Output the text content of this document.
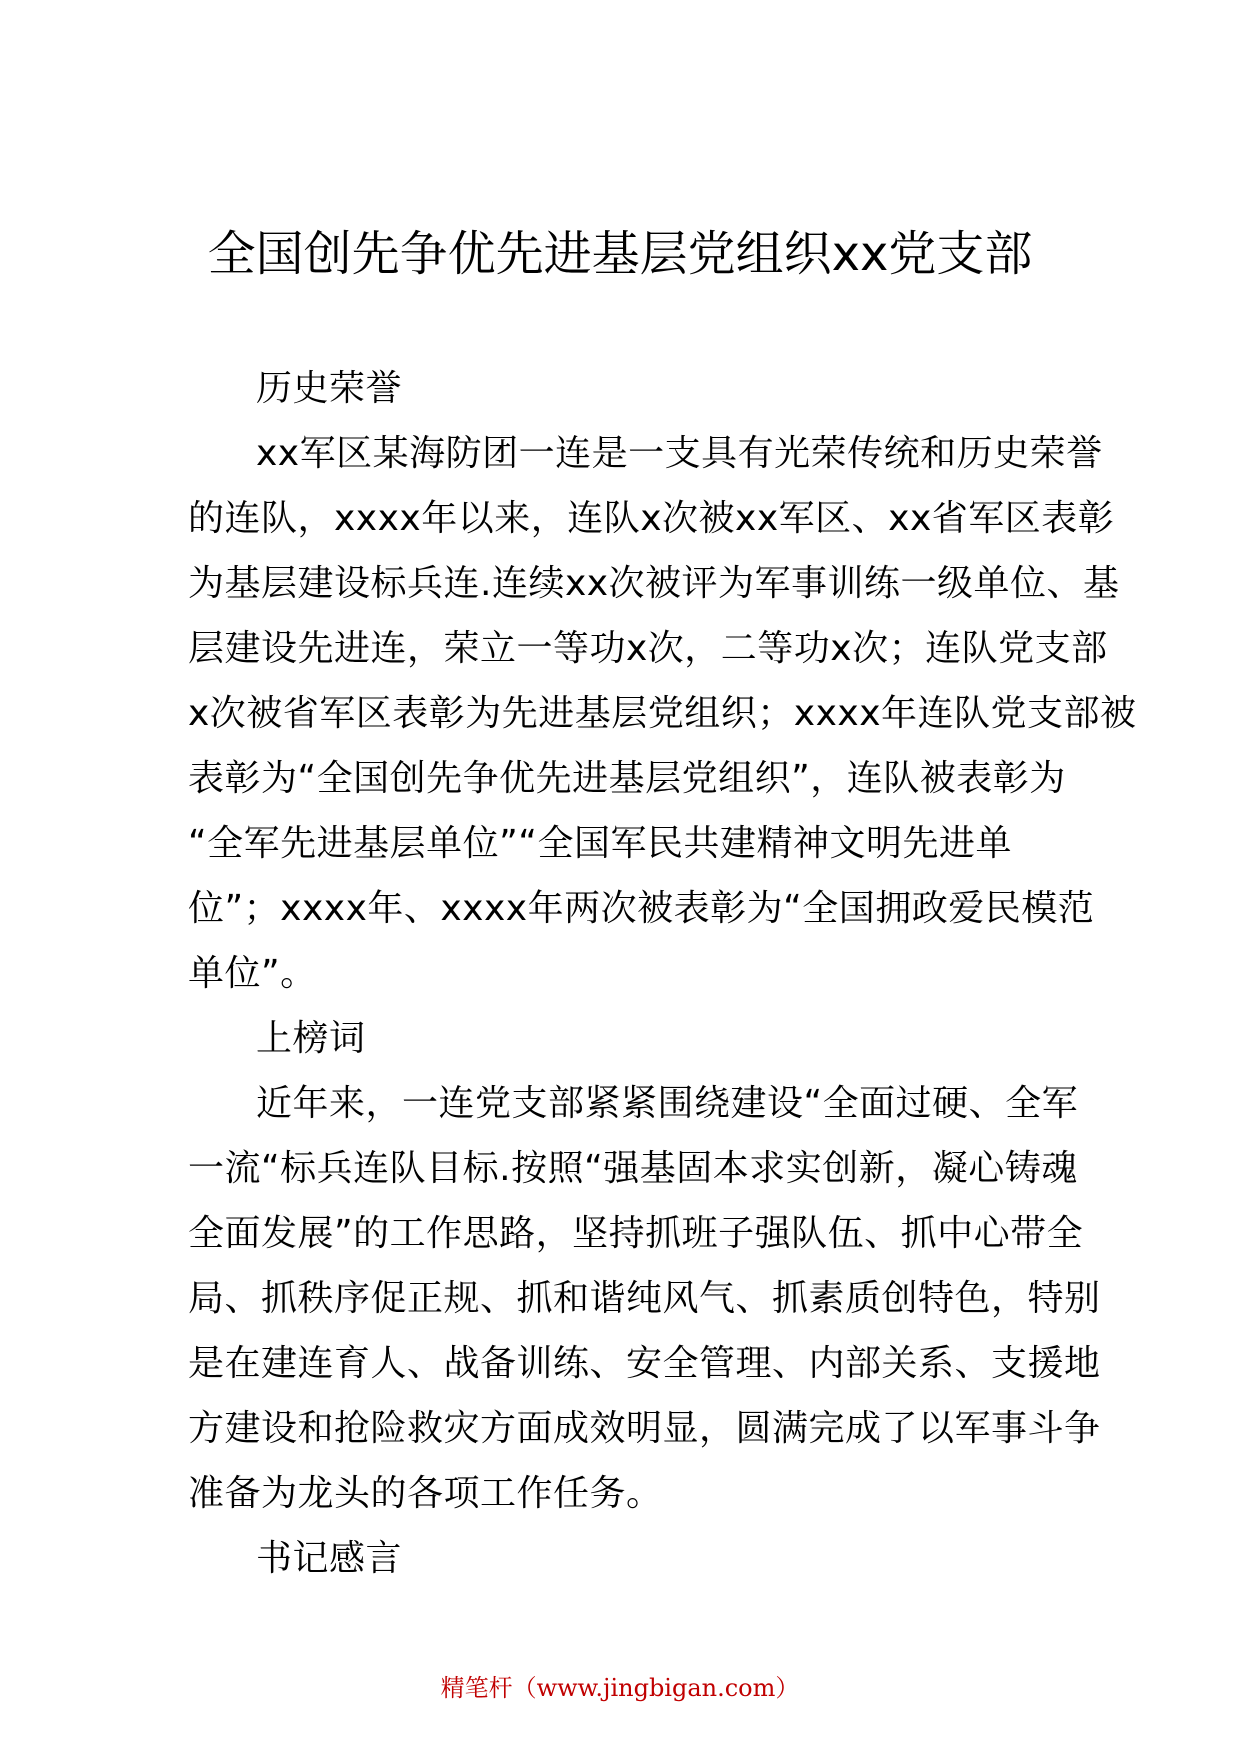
全国创先争优先进基层党组织xx党支部

历史荣誉

xx军区某海防团一连是一支具有光荣传统和历史荣誉
的连队，xxxx年以来，连队x次被xx军区、xx省军区表彰
为基层建设标兵连.连续xx次被评为军事训练一级单位、基
层建设先进连，荣立一等功x次，二等功x次；连队党支部
x次被省军区表彰为先进基层党组织；xxxx年连队党支部被
表彰为“全国创先争优先进基层党组织”，连队被表彰为
“全军先进基层单位”“全国军民共建精神文明先进单
位”；xxxx年、xxxx年两次被表彰为“全国拥政爱民模范
单位”。

上榜词

近年来，一连党支部紧紧围绕建设“全面过硬、全军
一流“标兵连队目标.按照“强基固本求实创新，凝心铸魂
全面发展”的工作思路，坚持抓班子强队伍、抓中心带全
局、抓秩序促正规、抓和谐纯风气、抓素质创特色，特别
是在建连育人、战备训练、安全管理、内部关系、支援地
方建设和抢险救灾方面成效明显，圆满完成了以军事斗争
准备为龙头的各项工作任务。

书记感言

精笔杆（www.jingbigan.com）
